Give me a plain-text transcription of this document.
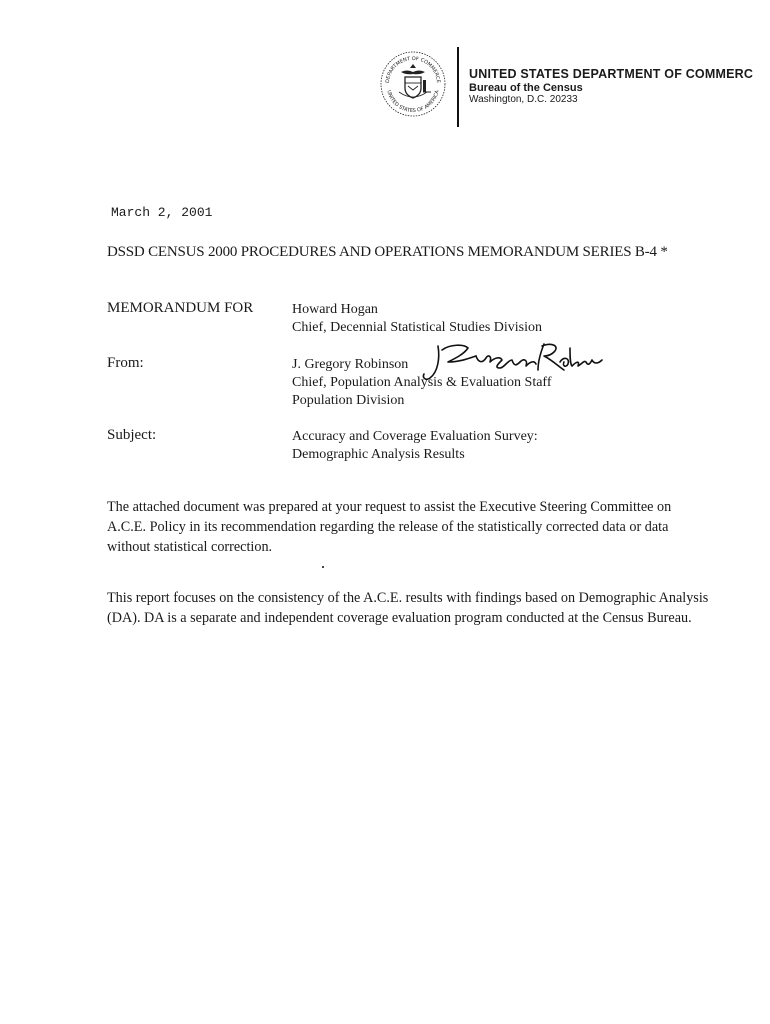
DEPARTMENT OF COMMERCE
UNITED STATES OF AMERICA
UNITED STATES DEPARTMENT OF COMMERC
Bureau of the Census
Washington, D.C. 20233
March 2, 2001
DSSD CENSUS 2000 PROCEDURES AND OPERATIONS MEMORANDUM SERIES B-4 *
MEMORANDUM FOR	Howard Hogan
Chief, Decennial Statistical Studies Division
From:	J. Gregory Robinson
Chief, Population Analysis & Evaluation Staff
Population Division
Subject:	Accuracy and Coverage Evaluation Survey:
Demographic Analysis Results
The attached document was prepared at your request to assist the Executive Steering Committee on A.C.E. Policy in its recommendation regarding the release of the statistically corrected data or data without statistical correction.
This report focuses on the consistency of the A.C.E. results with findings based on Demographic Analysis (DA). DA is a separate and independent coverage evaluation program conducted at the Census Bureau.
